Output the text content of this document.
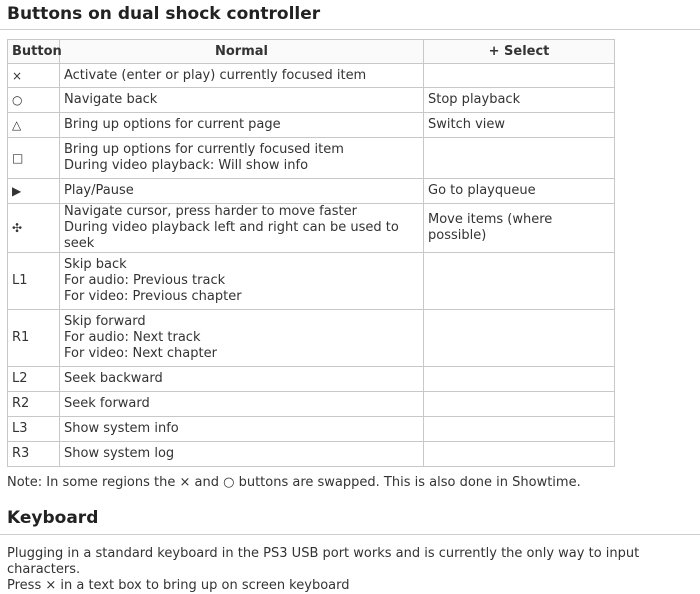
Buttons on dual shock controller
Button	Normal	+ Select
×	Activate (enter or play) currently focused item	

○	Navigate back	Stop playback
△	Bring up options for current page	Switch view
□	Bring up options for currently focused item
During video playback: Will show info	

▶	Play/Pause	Go to playqueue
✣	Navigate cursor, press harder to move faster
During video playback left and right can be used to seek	Move items (where possible)
L1	Skip back
For audio: Previous track
For video: Previous chapter	

R1	Skip forward
For audio: Next track
For video: Next chapter	

L2	Seek backward	

R2	Seek forward	

L3	Show system info	

R3	Show system log	

Note: In some regions the × and ○ buttons are swapped. This is also done in Showtime.
Keyboard
Plugging in a standard keyboard in the PS3 USB port works and is currently the only way to input characters.
Press × in a text box to bring up on screen keyboard
